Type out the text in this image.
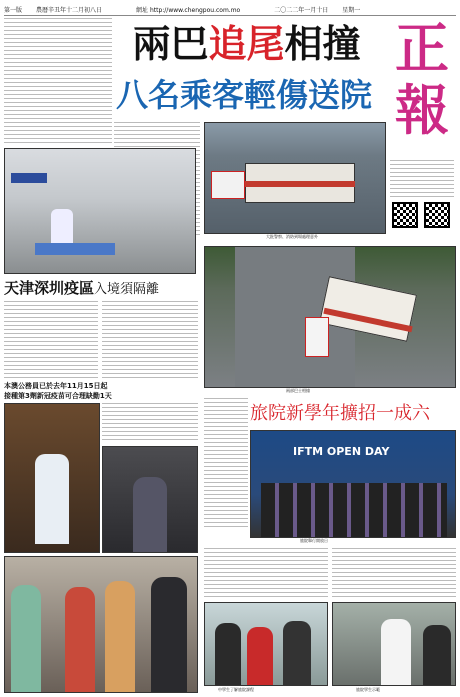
第一版 農曆辛丑年十二月初八日	網址 http://www.chengpou.com.mo	二〇二二年一月十日 星期一
兩巴追尾相撞
八名乘客輕傷送院
正
報
大批警察、消防到場處理意外
天津深圳疫區入境須隔離
本澳公務員已於去年11月15日起
接種第3劑新冠疫苗可合理缺勤1天
兩部巴士相撞
旅院新學年擴招一成六
IFTM OPEN DAY
旅院舉行開放日
中學生了解旅院課程	旅院學生示範
